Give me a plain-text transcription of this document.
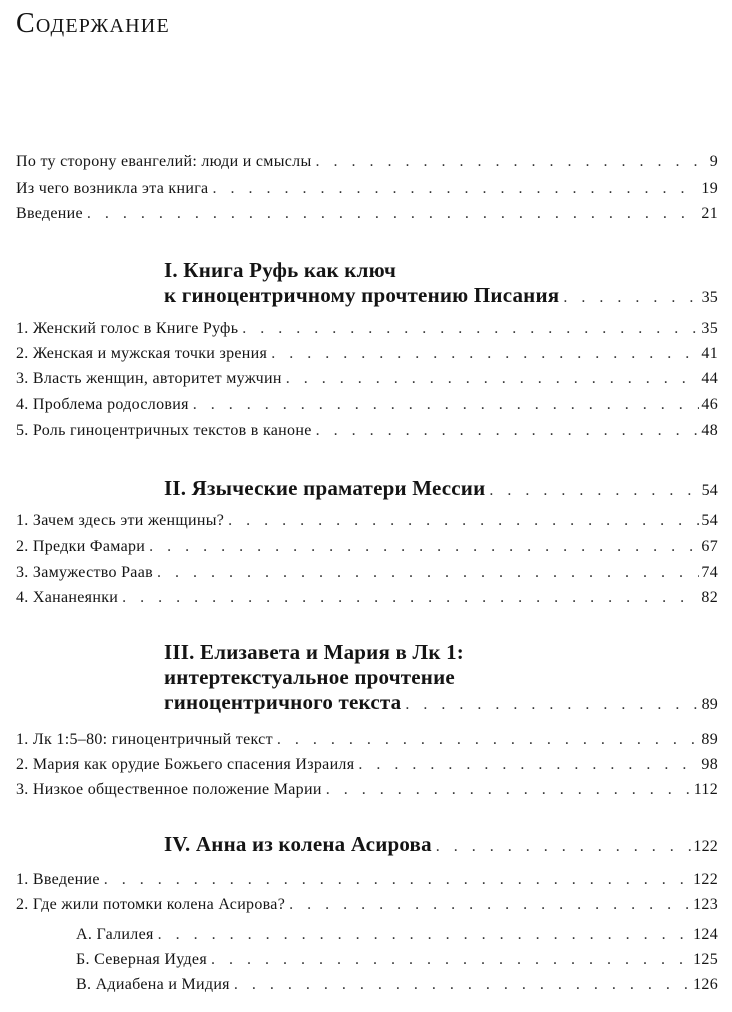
Содержание
По ту сторону евангелий: люди и смыслы . . .	9
Из чего возникла эта книга . . .	19
Введение . . .	21
I. Книга Руфь как ключ
к гиноцентричному прочтению Писания . . .	35
1. Женский голос в Книге Руфь . . .	35
2. Женская и мужская точки зрения . . .	41
3. Власть женщин, авторитет мужчин . . .	44
4. Проблема родословия . . .	46
5. Роль гиноцентричных текстов в каноне . . .	48
II. Языческие праматери Мессии . . .	54
1. Зачем здесь эти женщины? . . .	54
2. Предки Фамари . . .	67
3. Замужество Раав . . .	74
4. Хананеянки . . .	82
III. Елизавета и Мария в Лк 1:
интертекстуальное прочтение
гиноцентричного текста . . .	89
1. Лк 1:5–80: гиноцентричный текст . . .	89
2. Мария как орудие Божьего спасения Израиля . . .	98
3. Низкое общественное положение Марии . . .	112
IV. Анна из колена Асирова . . .	122
1. Введение . . .	122
2. Где жили потомки колена Асирова? . . .	123
A. Галилея . . .	124
Б. Северная Иудея . . .	125
B. Адиабена и Мидия . . .	126
